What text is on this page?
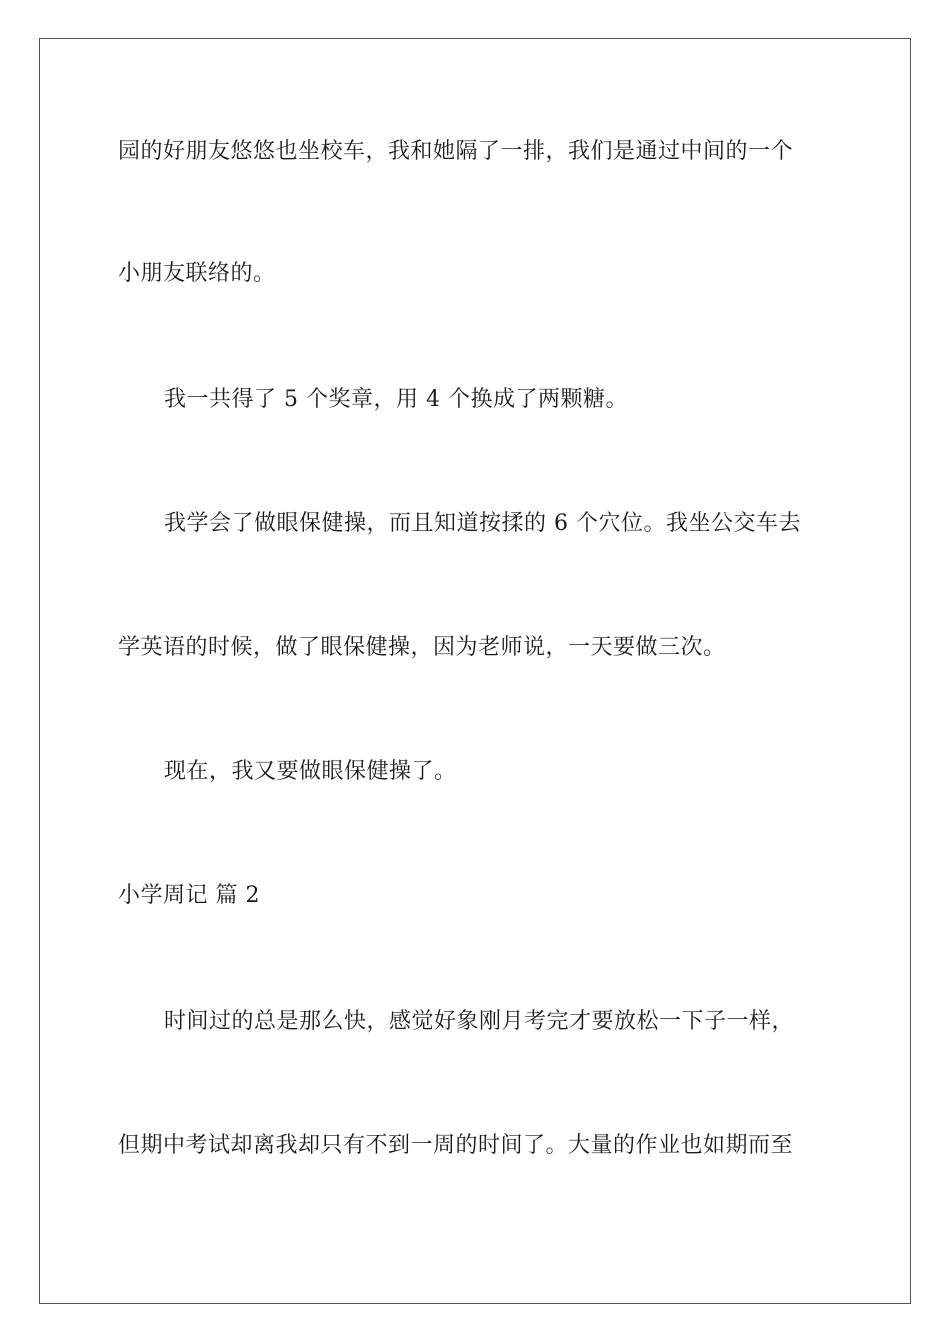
园的好朋友悠悠也坐校车，我和她隔了一排，我们是通过中间的一个
小朋友联络的。
我一共得了 5 个奖章，用 4 个换成了两颗糖。
我学会了做眼保健操，而且知道按揉的 6 个穴位。我坐公交车去
学英语的时候，做了眼保健操，因为老师说，一天要做三次。
现在，我又要做眼保健操了。
小学周记 篇 2
时间过的总是那么快，感觉好象刚月考完才要放松一下子一样，
但期中考试却离我却只有不到一周的时间了。大量的作业也如期而至
